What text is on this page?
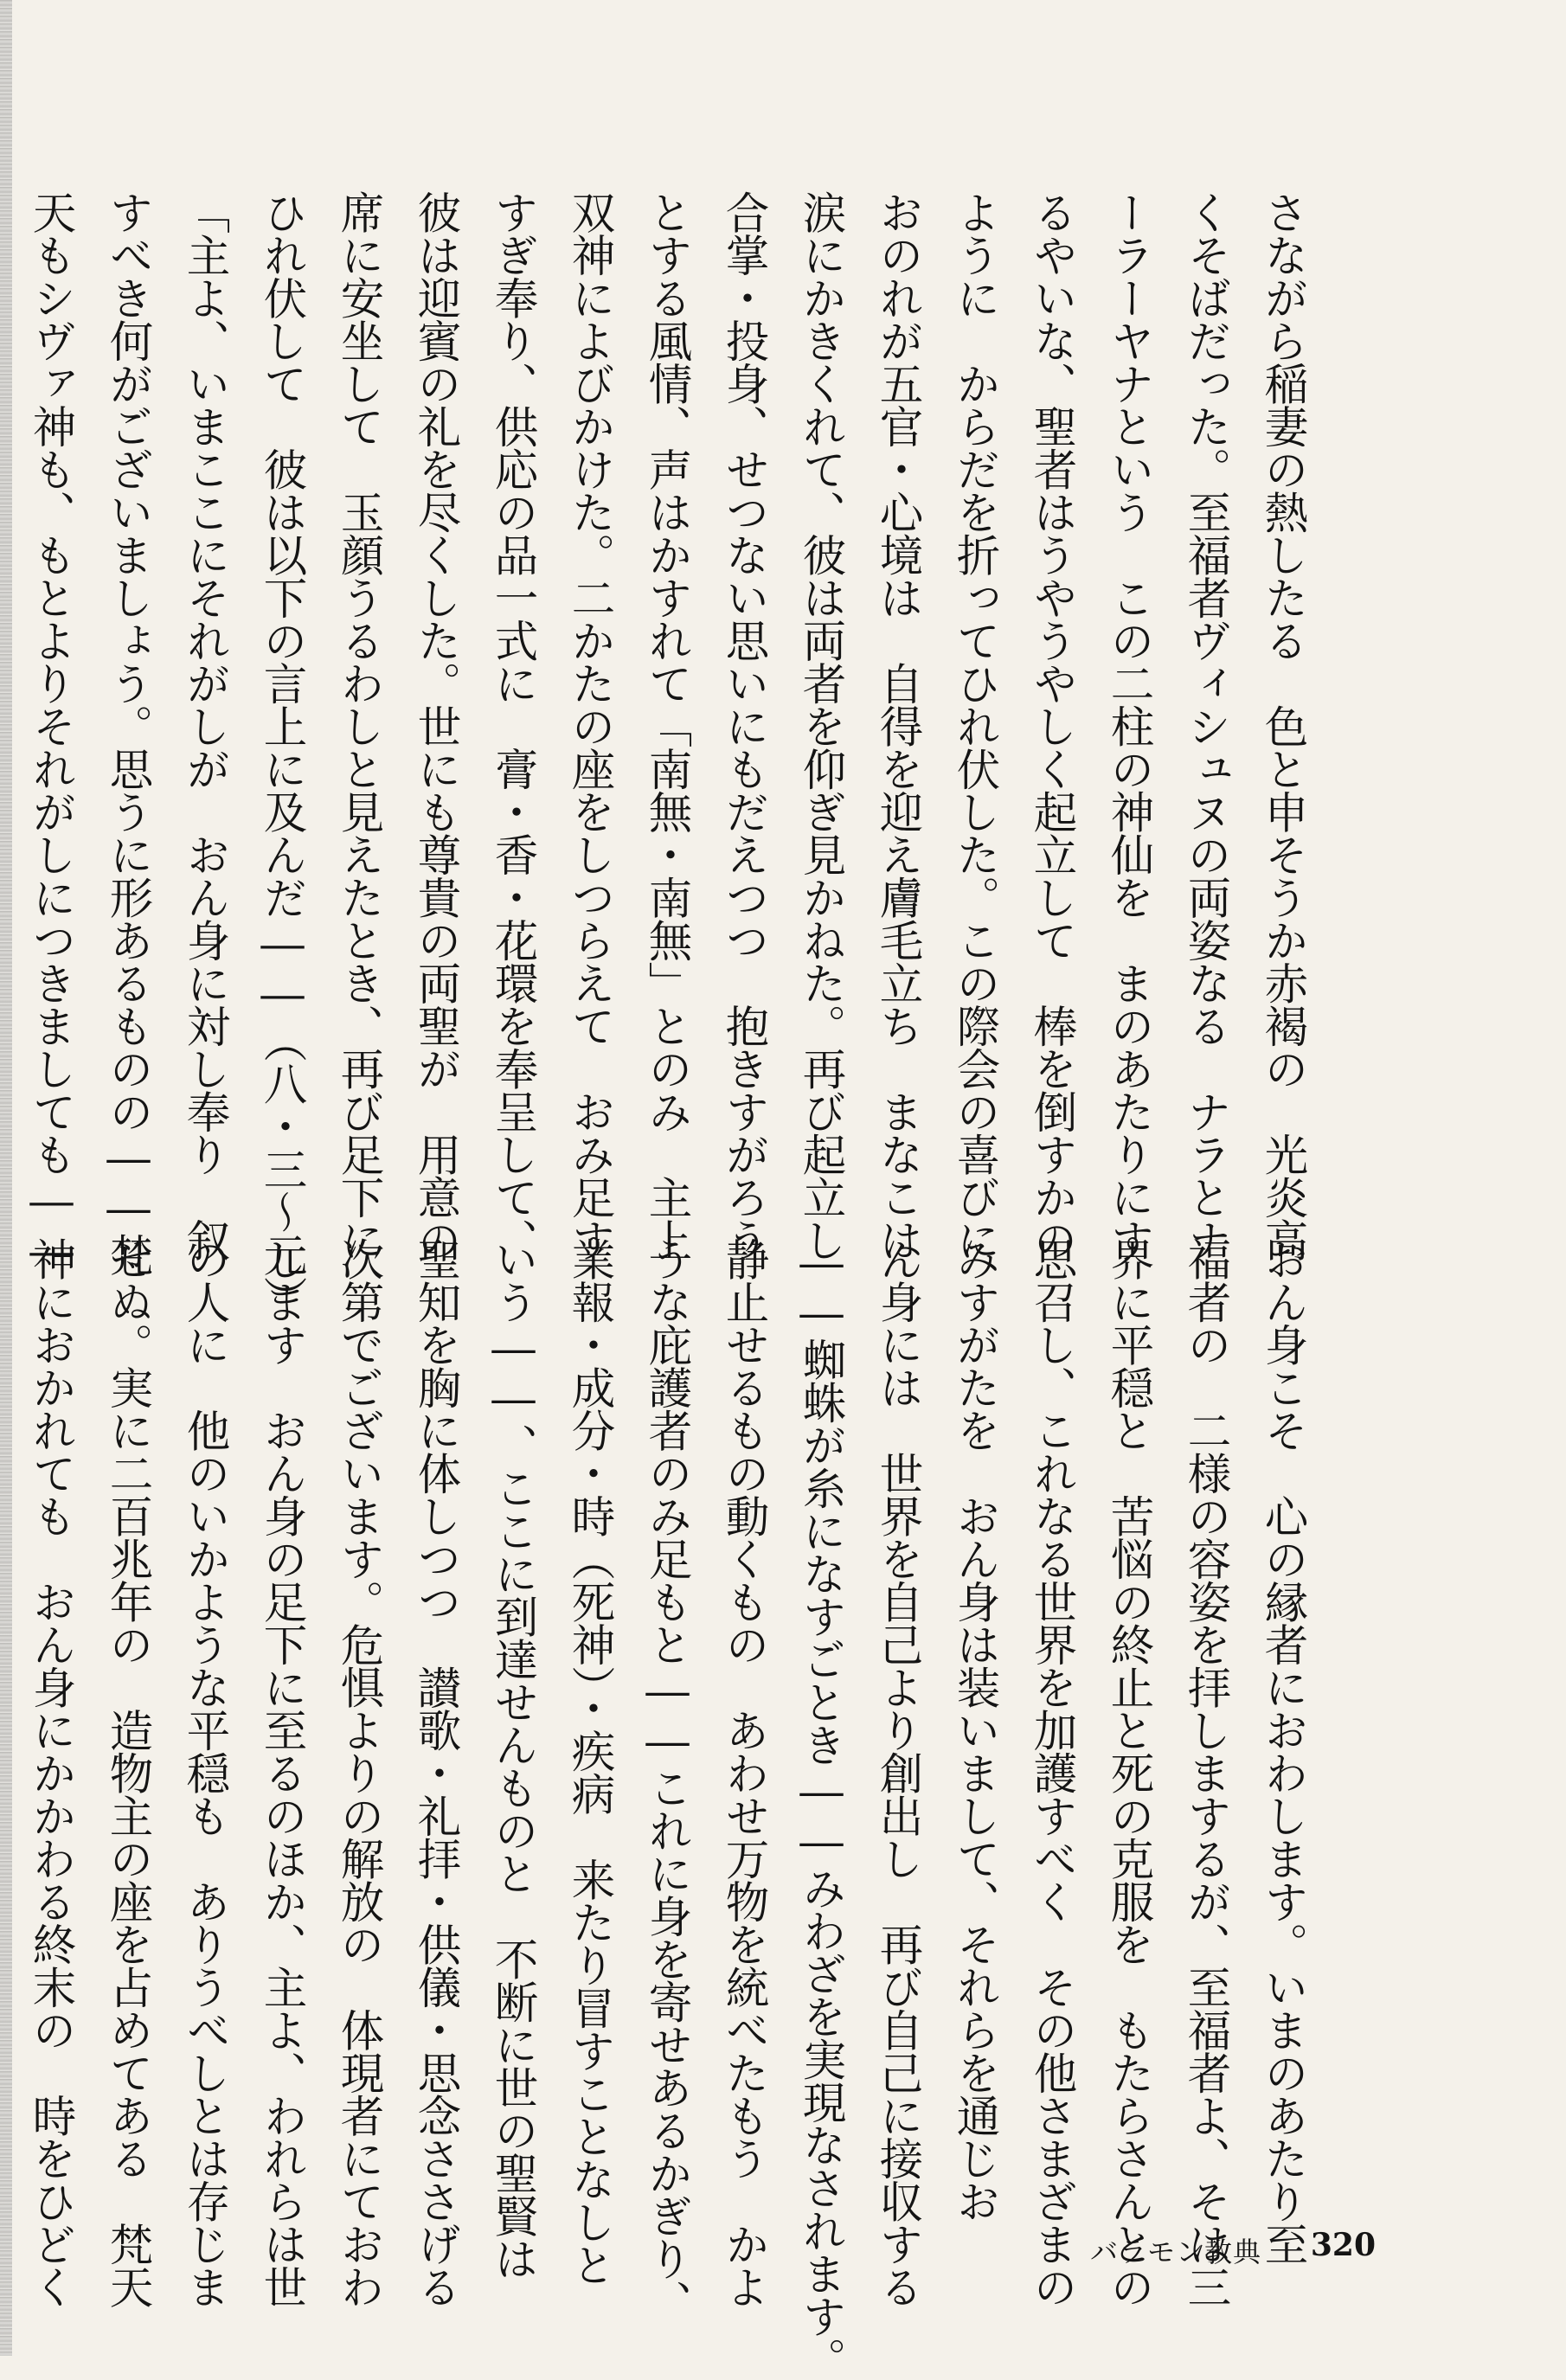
さながら稲妻の熱したる　色と申そうか赤褐の　光炎高
くそばだった。至福者ヴィシュヌの両姿なる　ナラとナ
ーラーヤナという　この二柱の神仙を　まのあたりにす
るやいな、聖者はうやうやしく起立して　棒を倒すかの
ように　からだを折ってひれ伏した。この際会の喜びに
おのれが五官・心境は　自得を迎え膚毛立ち　まなこは
涙にかきくれて、彼は両者を仰ぎ見かねた。再び起立し
合掌・投身、せつない思いにもだえつつ　抱きすがろう
とする風情、声はかすれて「南無・南無」とのみ　主上
双神によびかけた。二かたの座をしつらえて　おみ足す
すぎ奉り、供応の品一式に　膏・香・花環を奉呈して、
彼は迎賓の礼を尽くした。世にも尊貴の両聖が　用意の
席に安坐して　玉顔うるわしと見えたとき、再び足下に
ひれ伏して　彼は以下の言上に及んだ――（八・三〜元）
「主よ、いまここにそれがしが　おん身に対し奉り　叙
すべき何がございましょう。思うに形あるものの――梵
天もシヴァ神も、もとよりそれがしにつきましても――
おん身こそ　心の縁者におわします。いまのあたり至
福者の　二様の容姿を拝しまするが、至福者よ、そは三
界に平穏と　苦悩の終止と死の克服を　もたらさんとの
思召し、これなる世界を加護すべく　その他さまざまの
みすがたを　おん身は装いまして、それらを通じお
ん身には　世界を自己より創出し　再び自己に接収する
――蜘蛛が糸になすごとき――みわざを実現なされます。
静止せるもの動くもの　あわせ万物を統べたもう　かよ
うな庇護者のみ足もと――これに身を寄せあるかぎり、
業報・成分・時（死神）・疾病　来たり冒すことなしと
いう――、ここに到達せんものと　不断に世の聖賢は
聖知を胸に体しつつ　讃歌・礼拝・供儀・思念ささげる
次第でございます。危惧よりの解放の　体現者にておわ
します　おん身の足下に至るのほか、主よ、われらは世
の人に　他のいかような平穏も　ありうべしとは存じま
せぬ。実に二百兆年の　造物主の座を占めてある　梵天
神におかれても　おん身にかかわる終末の　時をひどく	バラモン教典 320
